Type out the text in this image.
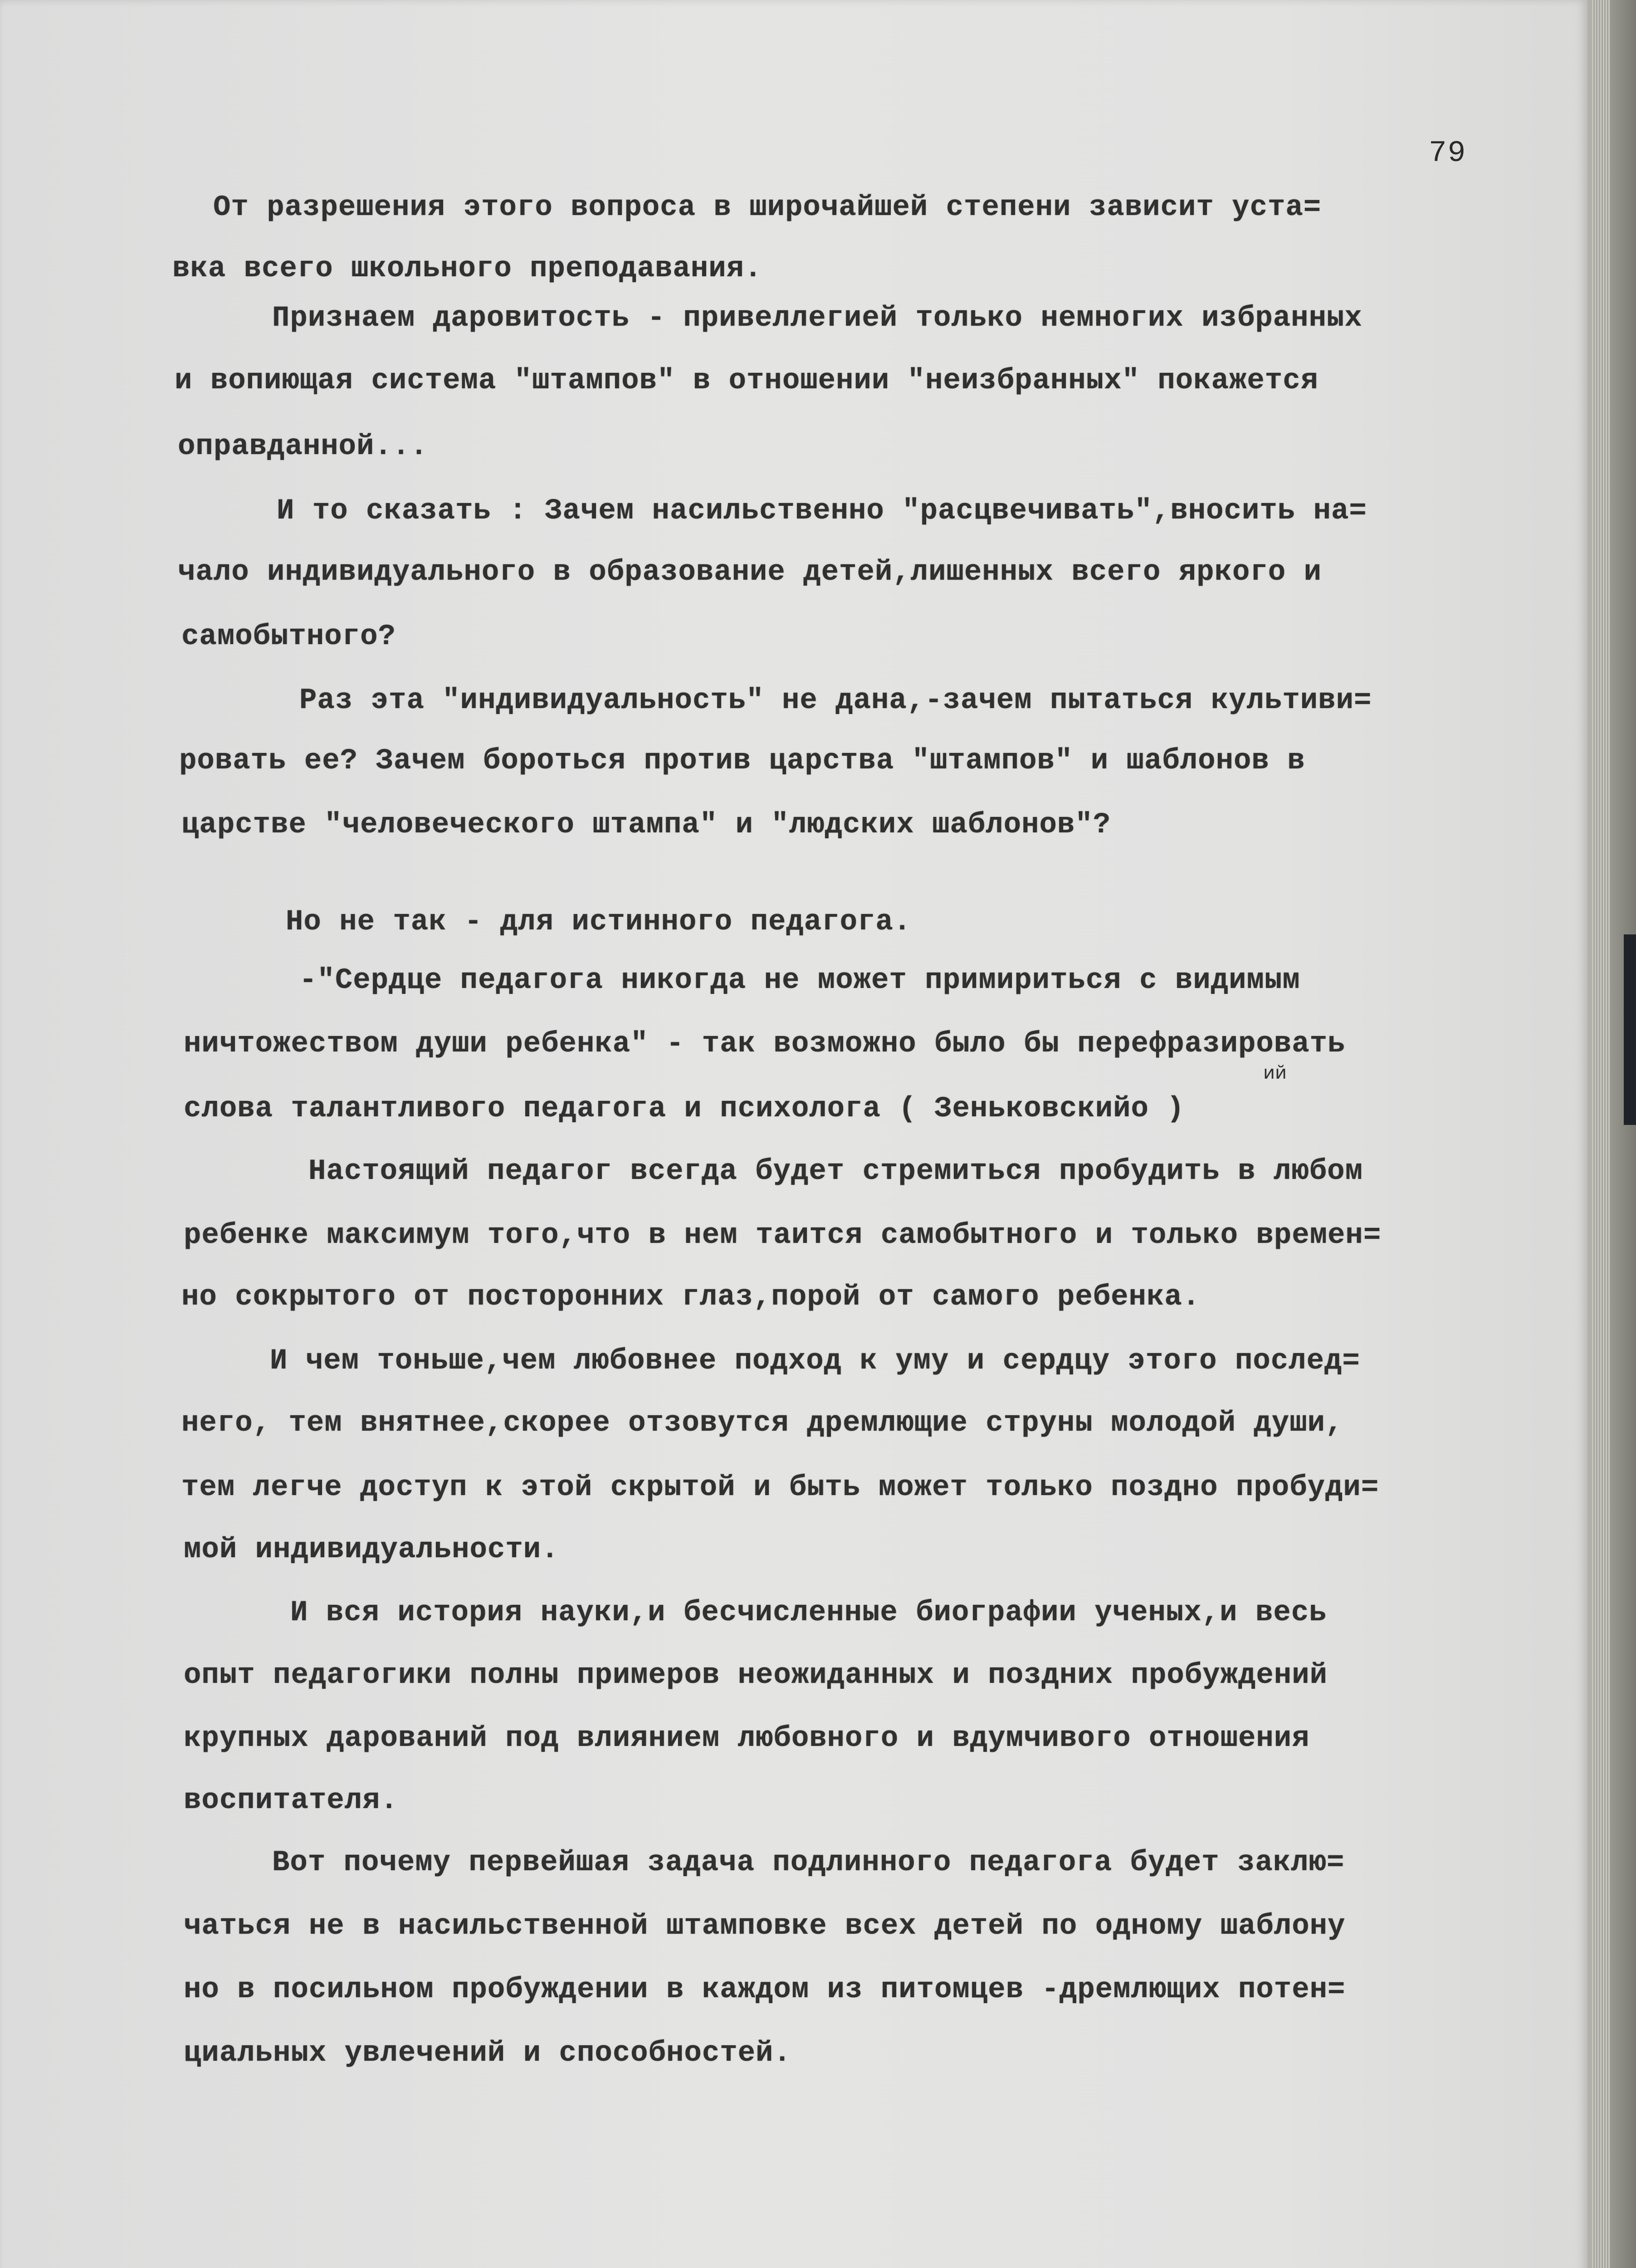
79
От разрешения этого вопроса в широчайшей степени зависит уста=
вка всего школьного преподавания.
Признаем даровитость - привеллегией только немногих избранных
и вопиющая система "штампов" в отношении "неизбранных" покажется
оправданной...
И то сказать : Зачем насильственно "расцвечивать",вносить на=
чало индивидуального в образование детей,лишенных всего яркого и
самобытного?
Раз эта "индивидуальность" не дана,-зачем пытаться культиви=
ровать ее? Зачем бороться против царства "штампов" и шаблонов в
царстве "человеческого штампа" и "людских шаблонов"?
Но не так - для истинного педагога.
-"Сердце педагога никогда не может примириться с видимым
ничтожеством души ребенка" - так возможно было бы перефразировать
ий
слова талантливого педагога и психолога ( Зеньковскийо )
Настоящий педагог всегда будет стремиться пробудить в любом
ребенке максимум того,что в нем таится самобытного и только времен=
но сокрытого от посторонних глаз,порой от самого ребенка.
И чем тоньше,чем любовнее подход к уму и сердцу этого послед=
него, тем внятнее,скорее отзовутся дремлющие струны молодой души,
тем легче доступ к этой скрытой и быть может только поздно пробуди=
мой индивидуальности.
И вся история науки,и бесчисленные биографии ученых,и весь
опыт педагогики полны примеров неожиданных и поздних пробуждений
крупных дарований под влиянием любовного и вдумчивого отношения
воспитателя.
Вот почему первейшая задача подлинного педагога будет заклю=
чаться не в насильственной штамповке всех детей по одному шаблону
но в посильном пробуждении в каждом из питомцев -дремлющих потен=
циальных увлечений и способностей.
